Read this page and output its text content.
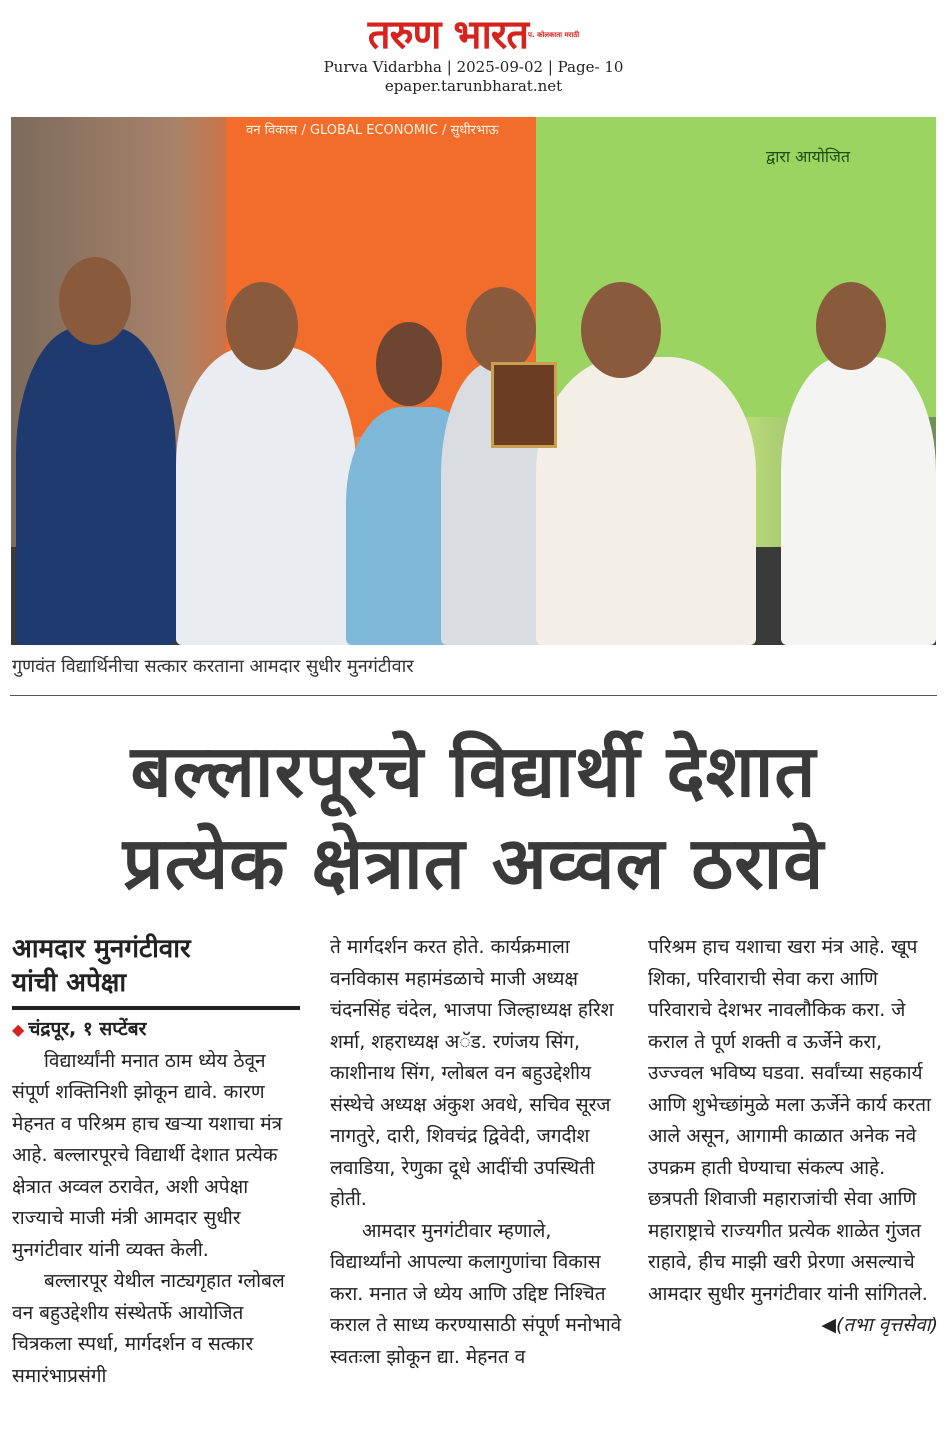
तरुण भारत$^{प. कोलकाता मराठी}$
Purva Vidarbha | 2025-09-02 | Page- 10
epaper.tarunbharat.net
वन विकास / GLOBAL ECONOMIC / सुधीरभाऊ
द्वारा आयोजित
गुणवंत विद्यार्थिनीचा सत्कार करताना आमदार सुधीर मुनगंटीवार
बल्लारपूरचे विद्यार्थी देशात
प्रत्येक क्षेत्रात अव्वल ठरावे
आमदार मुनगंटीवार
यांची अपेक्षा

◆ चंद्रपूर, १ सप्टेंबर

विद्यार्थ्यांनी मनात ठाम ध्येय ठेवून संपूर्ण शक्तिनिशी झोकून द्यावे. कारण मेहनत व परिश्रम हाच खऱ्या यशाचा मंत्र आहे. बल्लारपूरचे विद्यार्थी देशात प्रत्येक क्षेत्रात अव्वल ठरावेत, अशी अपेक्षा राज्याचे माजी मंत्री आमदार सुधीर मुनगंटीवार यांनी व्यक्त केली.

बल्लारपूर येथील नाट्यगृहात ग्लोबल वन बहुउद्देशीय संस्थेतर्फे आयोजित चित्रकला स्पर्धा, मार्गदर्शन व सत्कार समारंभाप्रसंगी

ते मार्गदर्शन करत होते. कार्यक्रमाला वनविकास महामंडळाचे माजी अध्यक्ष चंदनसिंह चंदेल, भाजपा जिल्हाध्यक्ष हरिश शर्मा, शहराध्यक्ष अॅड. रणंजय सिंग, काशीनाथ सिंग, ग्लोबल वन बहुउद्देशीय संस्थेचे अध्यक्ष अंकुश अवधे, सचिव सूरज नागतुरे, दारी, शिवचंद्र द्विवेदी, जगदीश लवाडिया, रेणुका दूधे आदींची उपस्थिती होती.

आमदार मुनगंटीवार म्हणाले, विद्यार्थ्यांनो आपल्या कलागुणांचा विकास करा. मनात जे ध्येय आणि उद्दिष्ट निश्चित कराल ते साध्य करण्यासाठी संपूर्ण मनोभावे स्वतःला झोकून द्या. मेहनत व

परिश्रम हाच यशाचा खरा मंत्र आहे. खूप शिका, परिवाराची सेवा करा आणि परिवाराचे देशभर नावलौकिक करा. जे कराल ते पूर्ण शक्ती व ऊर्जेने करा, उज्ज्वल भविष्य घडवा. सर्वांच्या सहकार्य आणि शुभेच्छांमुळे मला ऊर्जेने कार्य करता आले असून, आगामी काळात अनेक नवे उपक्रम हाती घेण्याचा संकल्प आहे. छत्रपती शिवाजी महाराजांची सेवा आणि महाराष्ट्राचे राज्यगीत प्रत्येक शाळेत गुंजत राहावे, हीच माझी खरी प्रेरणा असल्याचे आमदार सुधीर मुनगंटीवार यांनी सांगितले.

◀(तभा वृत्तसेवा)
